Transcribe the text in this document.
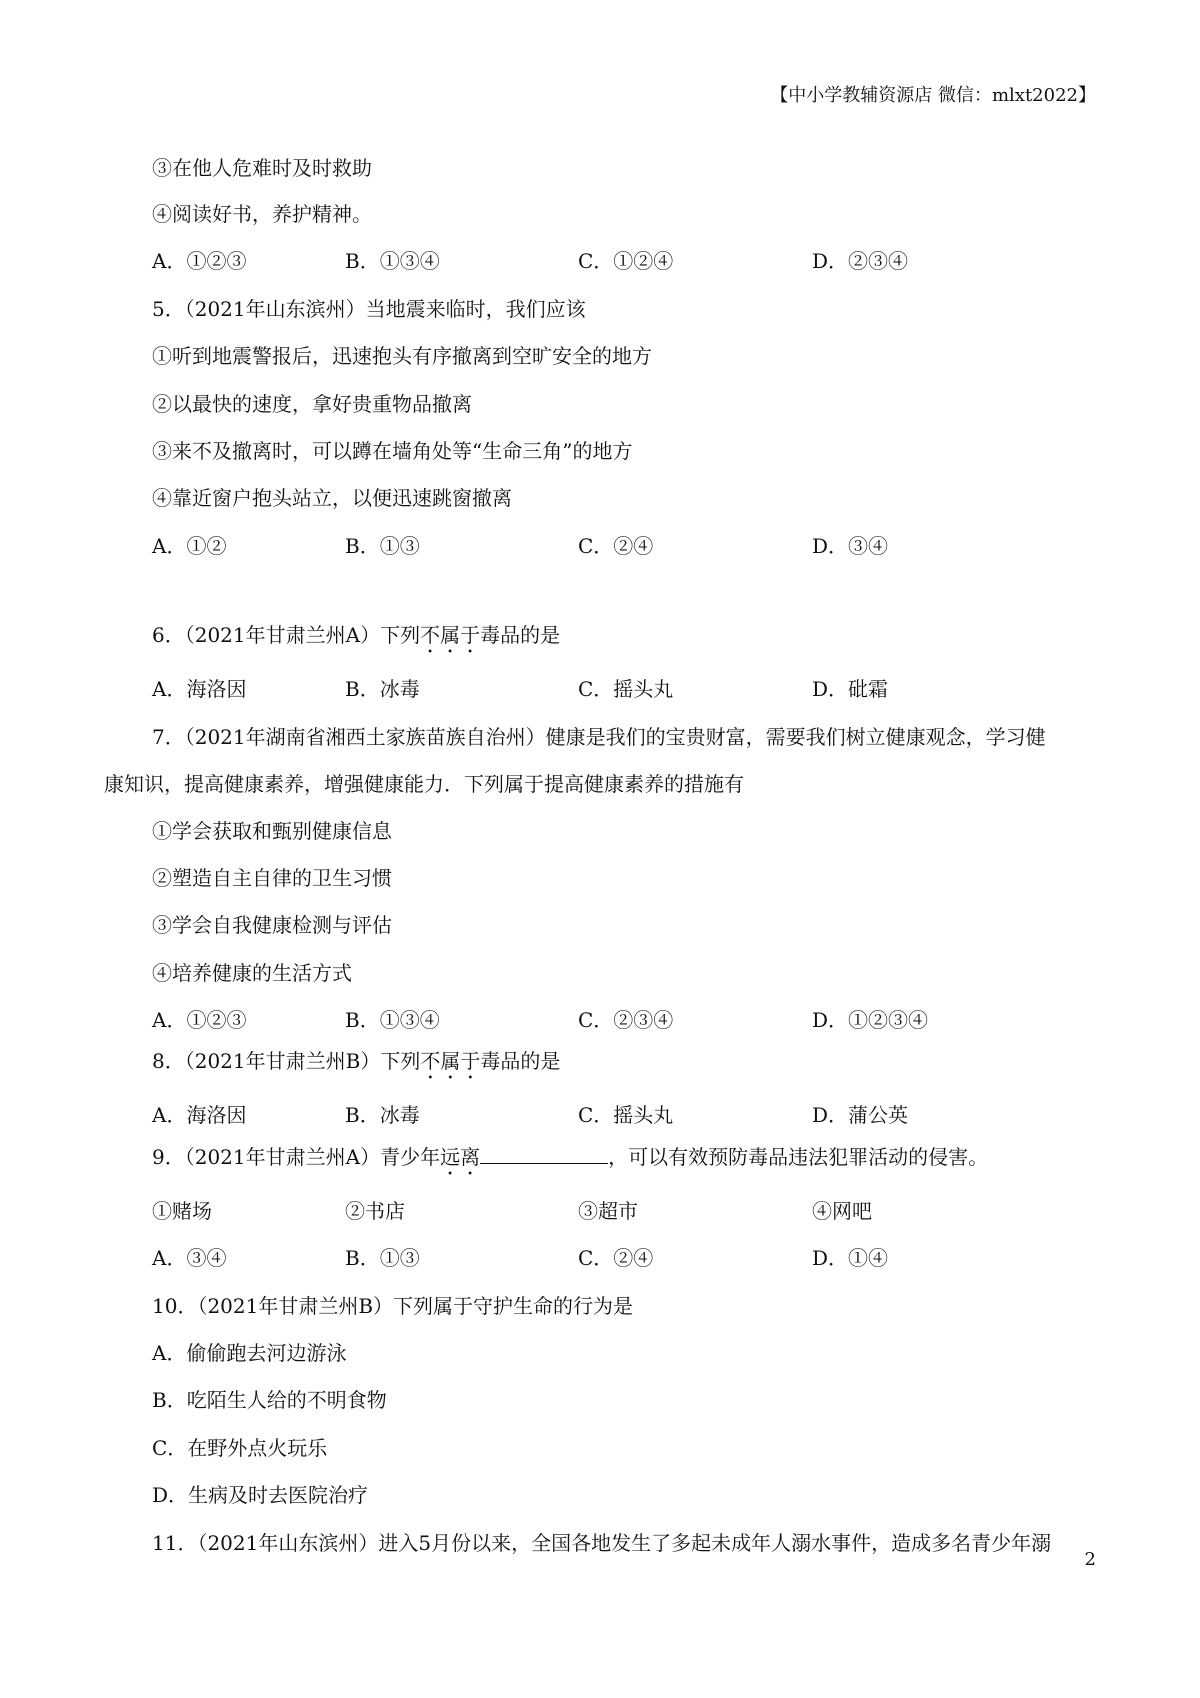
【中小学教辅资源店 微信：mlxt2022】
③在他人危难时及时救助
④阅读好书，养护精神。
A．①②③	B．①③④	C．①②④	D．②③④
5．（2021年山东滨州）当地震来临时，我们应该
①听到地震警报后，迅速抱头有序撤离到空旷安全的地方
②以最快的速度，拿好贵重物品撤离
③来不及撤离时，可以蹲在墙角处等“生命三角”的地方
④靠近窗户抱头站立，以便迅速跳窗撤离
A．①②	B．①③	C．②④	D．③④
6．（2021年甘肃兰州A）下列不属于毒品的是
A．海洛因	B．冰毒	C．摇头丸	D．砒霜
7．（2021年湖南省湘西土家族苗族自治州）健康是我们的宝贵财富，需要我们树立健康观念，学习健
康知识，提高健康素养，增强健康能力．下列属于提高健康素养的措施有
①学会获取和甄别健康信息
②塑造自主自律的卫生习惯
③学会自我健康检测与评估
④培养健康的生活方式
A．①②③	B．①③④	C．②③④	D．①②③④
8．（2021年甘肃兰州B）下列不属于毒品的是
A．海洛因	B．冰毒	C．摇头丸	D．蒲公英
9．（2021年甘肃兰州A）青少年远离	，可以有效预防毒品违法犯罪活动的侵害。
①赌场	②书店	③超市	④网吧
A．③④	B．①③	C．②④	D．①④
10．（2021年甘肃兰州B）下列属于守护生命的行为是
A．偷偷跑去河边游泳
B．吃陌生人给的不明食物
C．在野外点火玩乐
D．生病及时去医院治疗
11．（2021年山东滨州）进入5月份以来，全国各地发生了多起未成年人溺水事件，造成多名青少年溺
2
